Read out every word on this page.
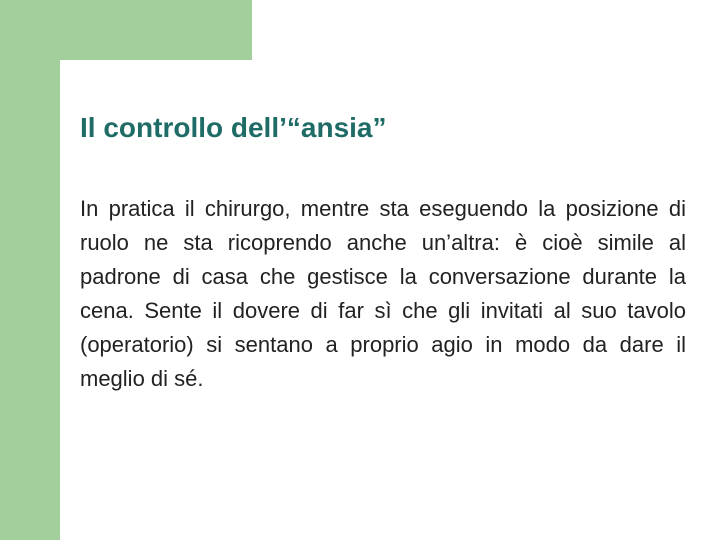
Il controllo dell’“ansia”

In pratica il chirurgo, mentre sta eseguendo la posizione di ruolo ne sta ricoprendo anche un’altra: è cioè simile al padrone di casa che gestisce la conversazione durante la cena. Sente il dovere di far sì che gli invitati al suo tavolo (operatorio) si sentano a proprio agio in modo da dare il meglio di sé.
